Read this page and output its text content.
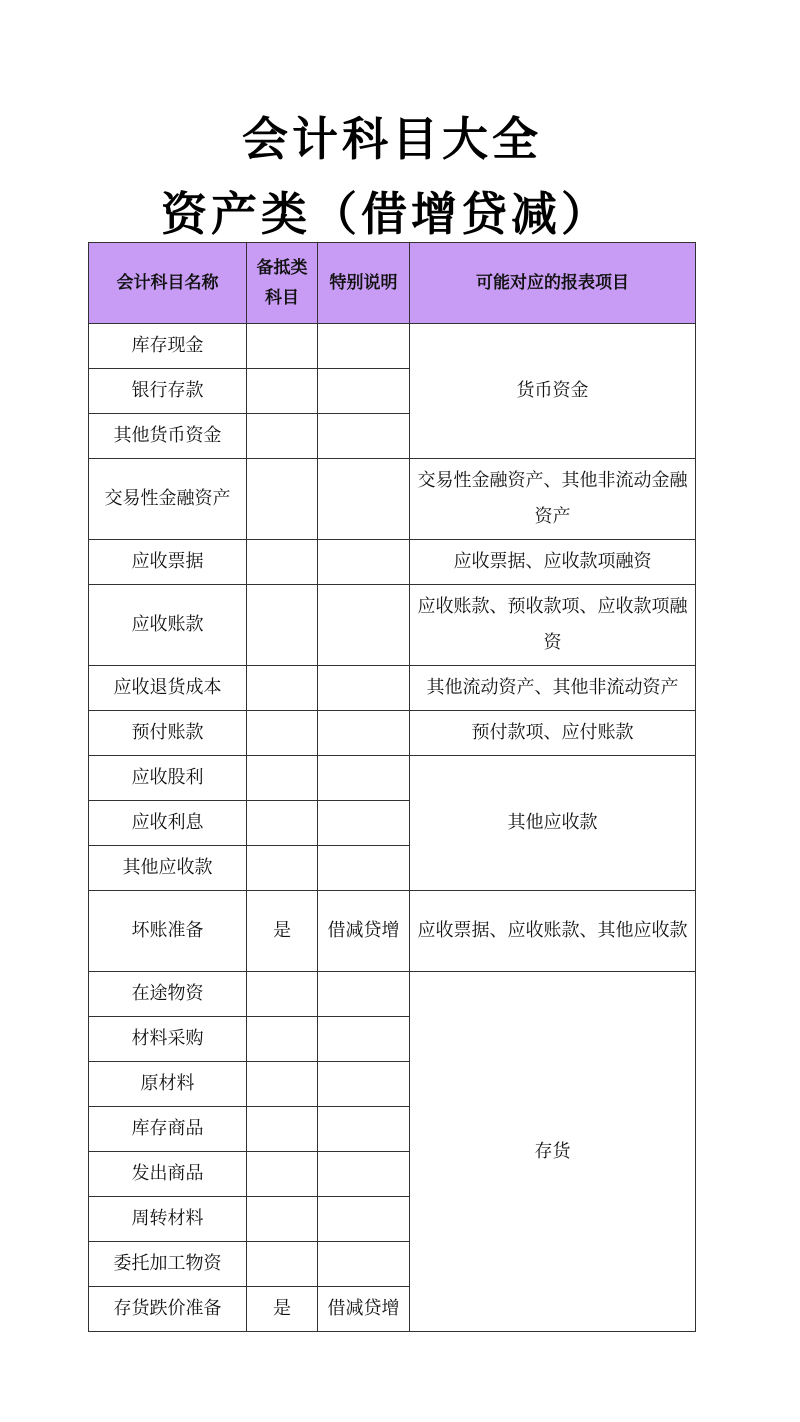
会计科目大全
资产类（借增贷减）
会计科目名称	备抵类科目	特别说明	可能对应的报表项目
库存现金			货币资金
银行存款			
其他货币资金			
交易性金融资产			交易性金融资产、其他非流动金融资产
应收票据			应收票据、应收款项融资
应收账款			应收账款、预收款项、应收款项融资
应收退货成本			其他流动资产、其他非流动资产
预付账款			预付款项、应付账款
应收股利			其他应收款
应收利息			
其他应收款			
坏账准备	是	借减贷增	应收票据、应收账款、其他应收款
在途物资			存货
材料采购			
原材料			
库存商品			
发出商品			
周转材料			
委托加工物资			
存货跌价准备	是	借减贷增	
